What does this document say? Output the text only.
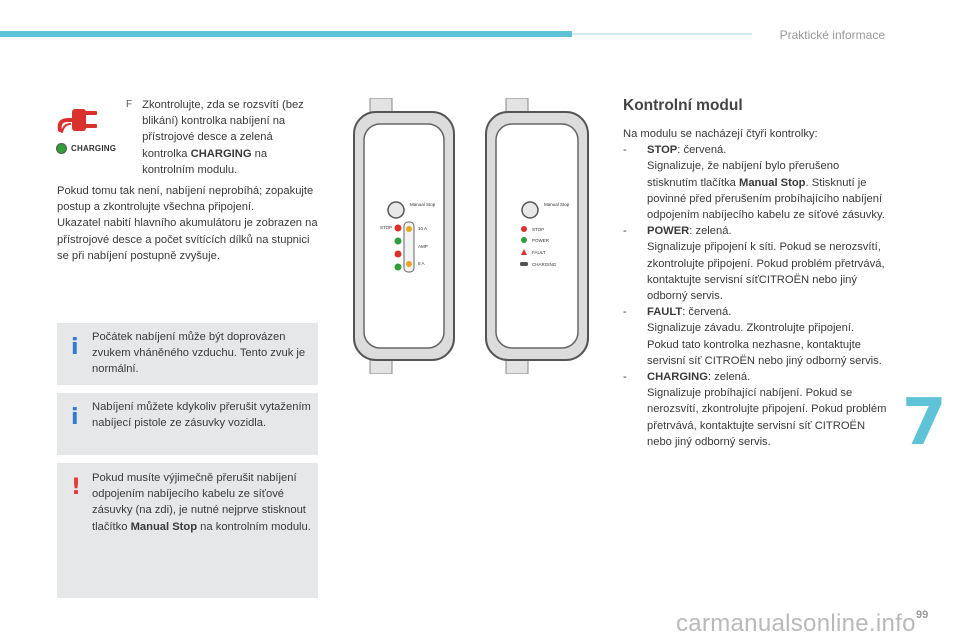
Praktické informace
CHARGING
F Zkontrolujte, zda se rozsvítí (bez blikání) kontrolka nabíjení na přístrojové desce a zelená kontrolka CHARGING na kontrolním modulu.

Pokud tomu tak není, nabíjení neprobíhá; zopakujte postup a zkontrolujte všechna připojení.

Ukazatel nabití hlavního akumulátoru je zobrazen na přístrojové desce a počet svítících dílků na stupnici se při nabíjení postupně zvyšuje.

i Počátek nabíjení může být doprovázen zvukem vháněného vzduchu. Tento zvuk je normální.

i Nabíjení můžete kdykoliv přerušit vytažením nabíjecí pistole ze zásuvky vozidla.

! Pokud musíte výjimečně přerušit nabíjení odpojením nabíjecího kabelu ze síťové zásuvky (na zdi), je nutné nejprve stisknout tlačítko Manual Stop na kontrolním modulu.

Manual Stop
STOP	10 A
AMP
8 A
Manual Stop
STOP
POWER
FAULT
CHARGING
Kontrolní modul

Na modulu se nacházejí čtyři kontrolky:

-	STOP: červená.
Signalizuje, že nabíjení bylo přerušeno stisknutím tlačítka Manual Stop. Stisknutí je povinné před přerušením probíhajícího nabíjení odpojením nabíjecího kabelu ze síťové zásuvky.
-	POWER: zelená.
Signalizuje připojení k síti. Pokud se nerozsvítí, zkontrolujte připojení. Pokud problém přetrvává, kontaktujte servisní síťCITROËN nebo jiný odborný servis.
-	FAULT: červená.
Signalizuje závadu. Zkontrolujte připojení. Pokud tato kontrolka nezhasne, kontaktujte servisní síť CITROËN nebo jiný odborný servis.
-	CHARGING: zelená.
Signalizuje probíhající nabíjení. Pokud se nerozsvítí, zkontrolujte připojení. Pokud problém přetrvává, kontaktujte servisní síť CITROËN nebo jiný odborný servis.	7
carmanualsonline.info 99
